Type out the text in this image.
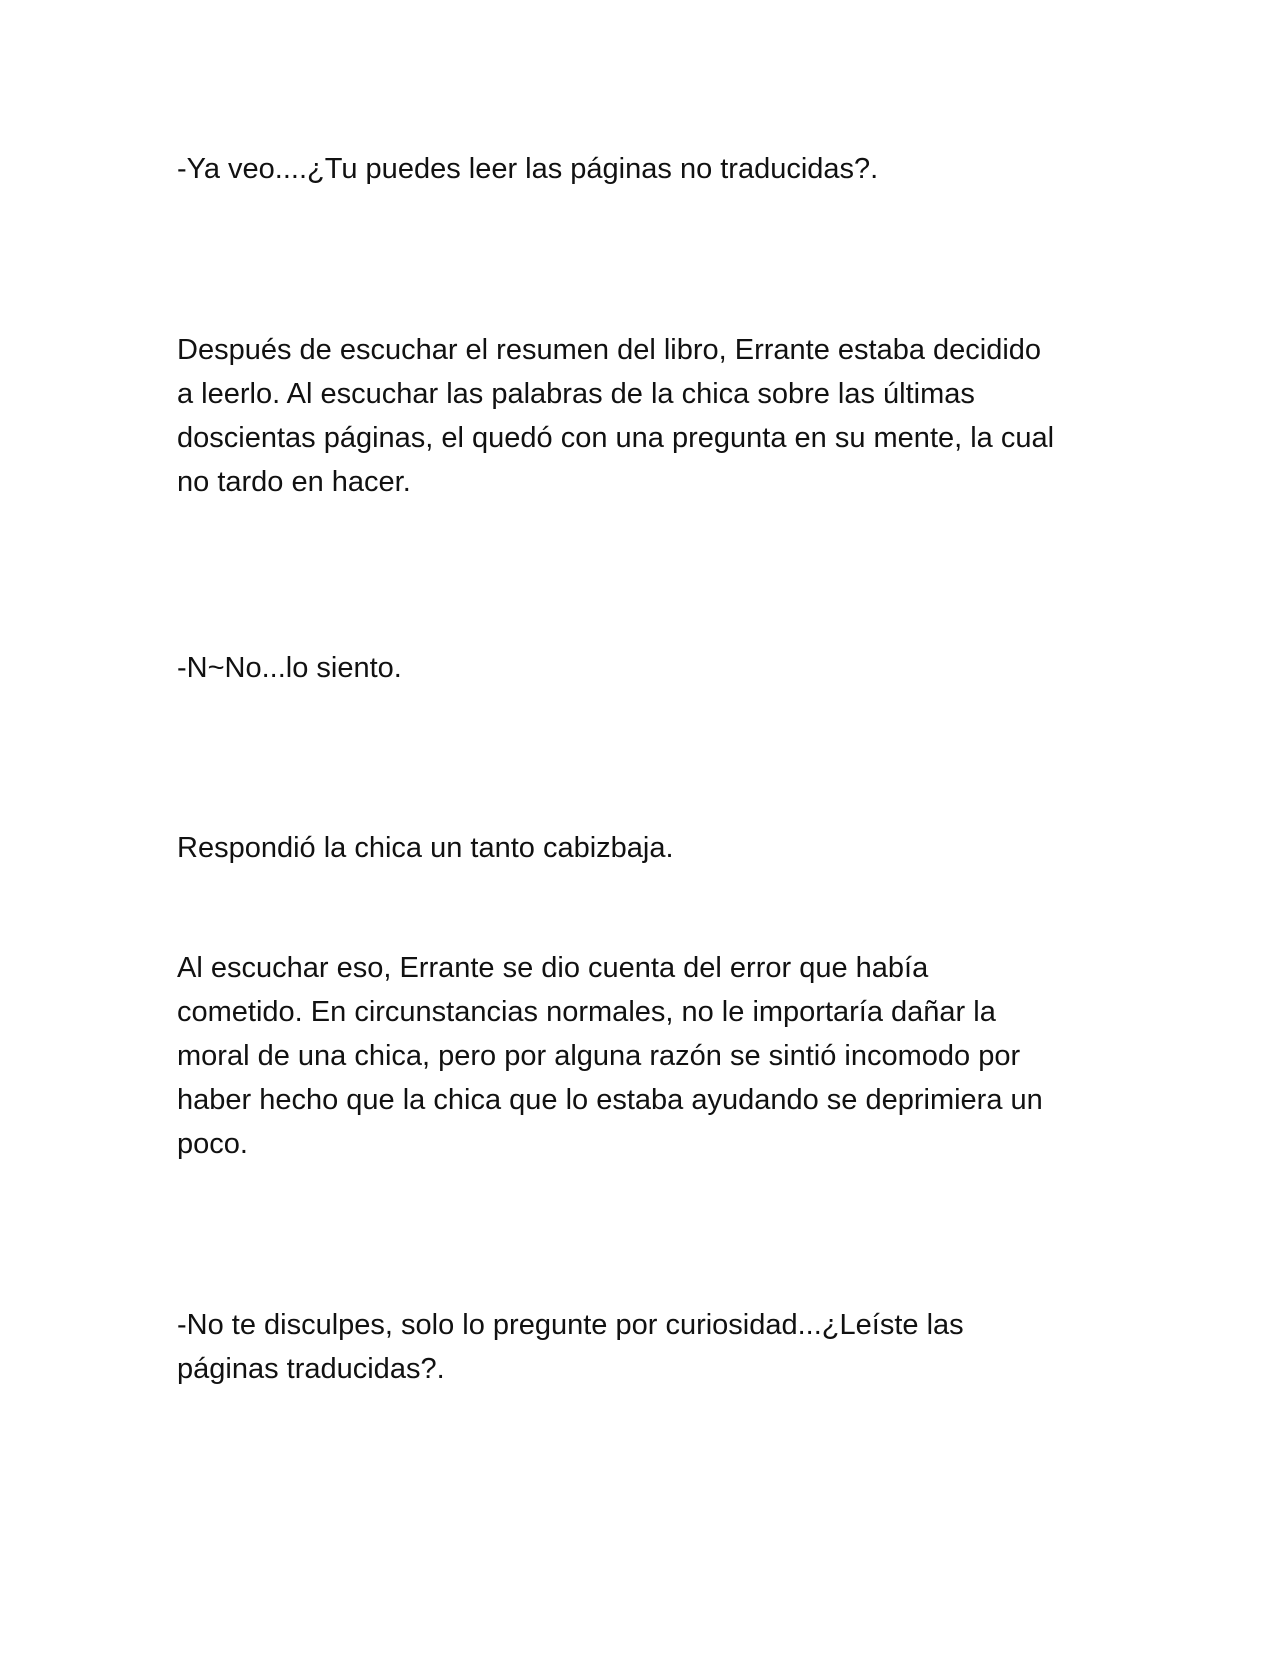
-Ya veo....¿Tu puedes leer las páginas no traducidas?.

Después de escuchar el resumen del libro, Errante estaba decidido
a leerlo. Al escuchar las palabras de la chica sobre las últimas
doscientas páginas, el quedó con una pregunta en su mente, la cual
no tardo en hacer.

-N~No...lo siento.

Respondió la chica un tanto cabizbaja.

Al escuchar eso, Errante se dio cuenta del error que había
cometido. En circunstancias normales, no le importaría dañar la
moral de una chica, pero por alguna razón se sintió incomodo por
haber hecho que la chica que lo estaba ayudando se deprimiera un
poco.

-No te disculpes, solo lo pregunte por curiosidad...¿Leíste las
páginas traducidas?.
